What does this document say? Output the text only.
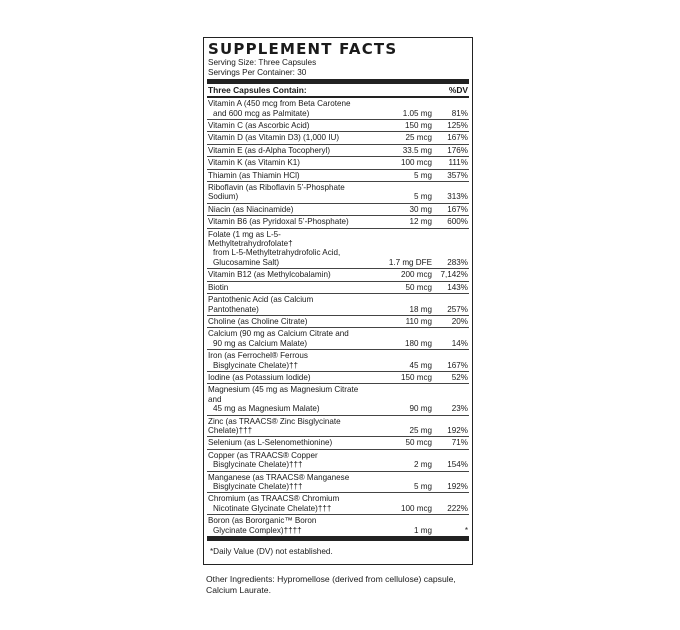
SUPPLEMENT FACTS
Serving Size: Three Capsules
Servings Per Container: 30
Three Capsules Contain:	%DV
Vitamin A (450 mcg from Beta Carotene
and 600 mcg as Palmitate)	1.05 mg	81%
Vitamin C (as Ascorbic Acid)	150 mg	125%
Vitamin D (as Vitamin D3) (1,000 IU)	25 mcg	167%
Vitamin E (as d-Alpha Tocopheryl)	33.5 mg	176%
Vitamin K (as Vitamin K1)	100 mcg	111%
Thiamin (as Thiamin HCl)	5 mg	357%
Riboflavin (as Riboflavin 5’-Phosphate Sodium)	5 mg	313%
Niacin (as Niacinamide)	30 mg	167%
Vitamin B6 (as Pyridoxal 5’-Phosphate)	12 mg	600%
Folate (1 mg as L-5-Methyltetrahydrofolate†
from L-5-Methyltetrahydrofolic Acid,
Glucosamine Salt)	1.7 mg DFE	283%
Vitamin B12 (as Methylcobalamin)	200 mcg	7,142%
Biotin	50 mcg	143%
Pantothenic Acid (as Calcium Pantothenate)	18 mg	257%
Choline (as Choline Citrate)	110 mg	20%
Calcium (90 mg as Calcium Citrate and
90 mg as Calcium Malate)	180 mg	14%
Iron (as Ferrochel® Ferrous
Bisglycinate Chelate)††	45 mg	167%
Iodine (as Potassium Iodide)	150 mcg	52%
Magnesium (45 mg as Magnesium Citrate and
45 mg as Magnesium Malate)	90 mg	23%
Zinc (as TRAACS® Zinc Bisglycinate Chelate)†††	25 mg	192%
Selenium (as L-Selenomethionine)	50 mcg	71%
Copper (as TRAACS® Copper
Bisglycinate Chelate)†††	2 mg	154%
Manganese (as TRAACS® Manganese
Bisglycinate Chelate)†††	5 mg	192%
Chromium (as TRAACS® Chromium
Nicotinate Glycinate Chelate)†††	100 mcg	222%
Boron (as Bororganic™ Boron
Glycinate Complex)††††	1 mg	*
*Daily Value (DV) not established.
Other Ingredients: Hypromellose (derived from cellulose) capsule, Calcium Laurate.
